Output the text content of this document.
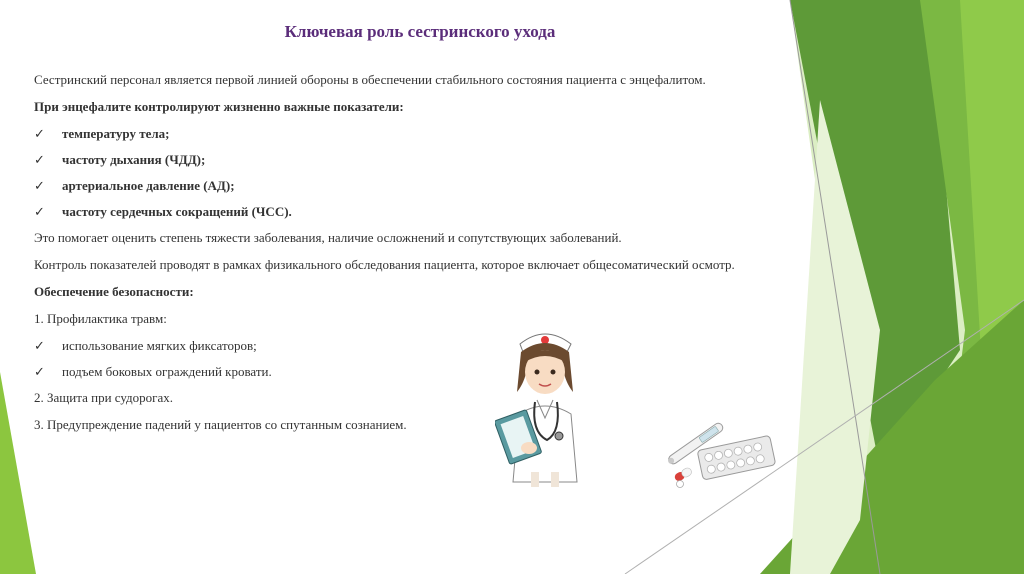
Ключевая роль сестринского ухода

Сестринский персонал является первой линией обороны в обеспечении стабильного состояния пациента с энцефалитом.

При энцефалите контролируют жизненно важные показатели:

✓	температуру тела;
✓	частоту дыхания (ЧДД);
✓	артериальное давление (АД);
✓	частоту сердечных сокращений (ЧСС).

Это помогает оценить степень тяжести заболевания, наличие осложнений и сопутствующих заболеваний.

Контроль показателей проводят в рамках физикального обследования пациента, которое включает общесоматический осмотр.

Обеспечение безопасности:

1. Профилактика травм:

✓	использование мягких фиксаторов;
✓	подъем боковых ограждений кровати.

2. Защита при судорогах.

3. Предупреждение падений у пациентов со спутанным сознанием.
